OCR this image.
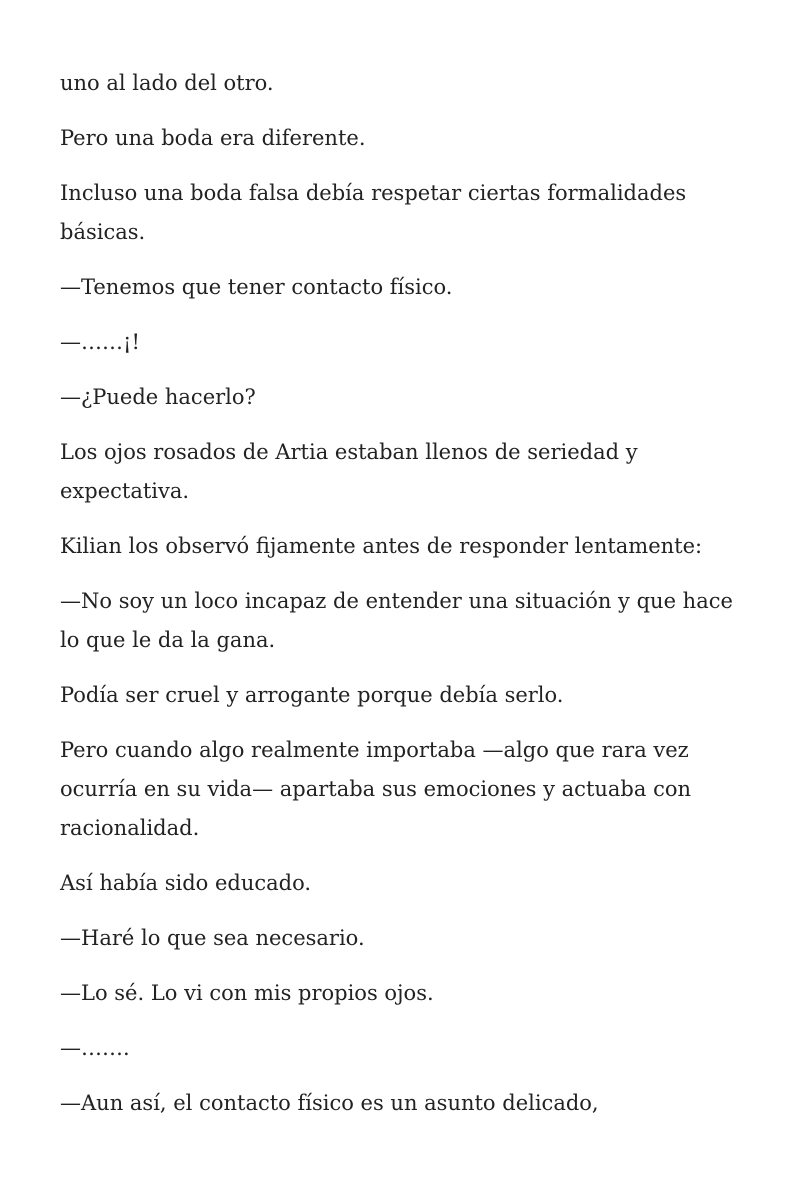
uno al lado del otro.

Pero una boda era diferente.

Incluso una boda falsa debía respetar ciertas formalidades básicas.

—Tenemos que tener contacto físico.

—……¡!

—¿Puede hacerlo?

Los ojos rosados de Artia estaban llenos de seriedad y expectativa.

Kilian los observó fijamente antes de responder lentamente:

—No soy un loco incapaz de entender una situación y que hace lo que le da la gana.

Podía ser cruel y arrogante porque debía serlo.

Pero cuando algo realmente importaba —algo que rara vez ocurría en su vida— apartaba sus emociones y actuaba con racionalidad.

Así había sido educado.

—Haré lo que sea necesario.

—Lo sé. Lo vi con mis propios ojos.

—…….

—Aun así, el contacto físico es un asunto delicado,
